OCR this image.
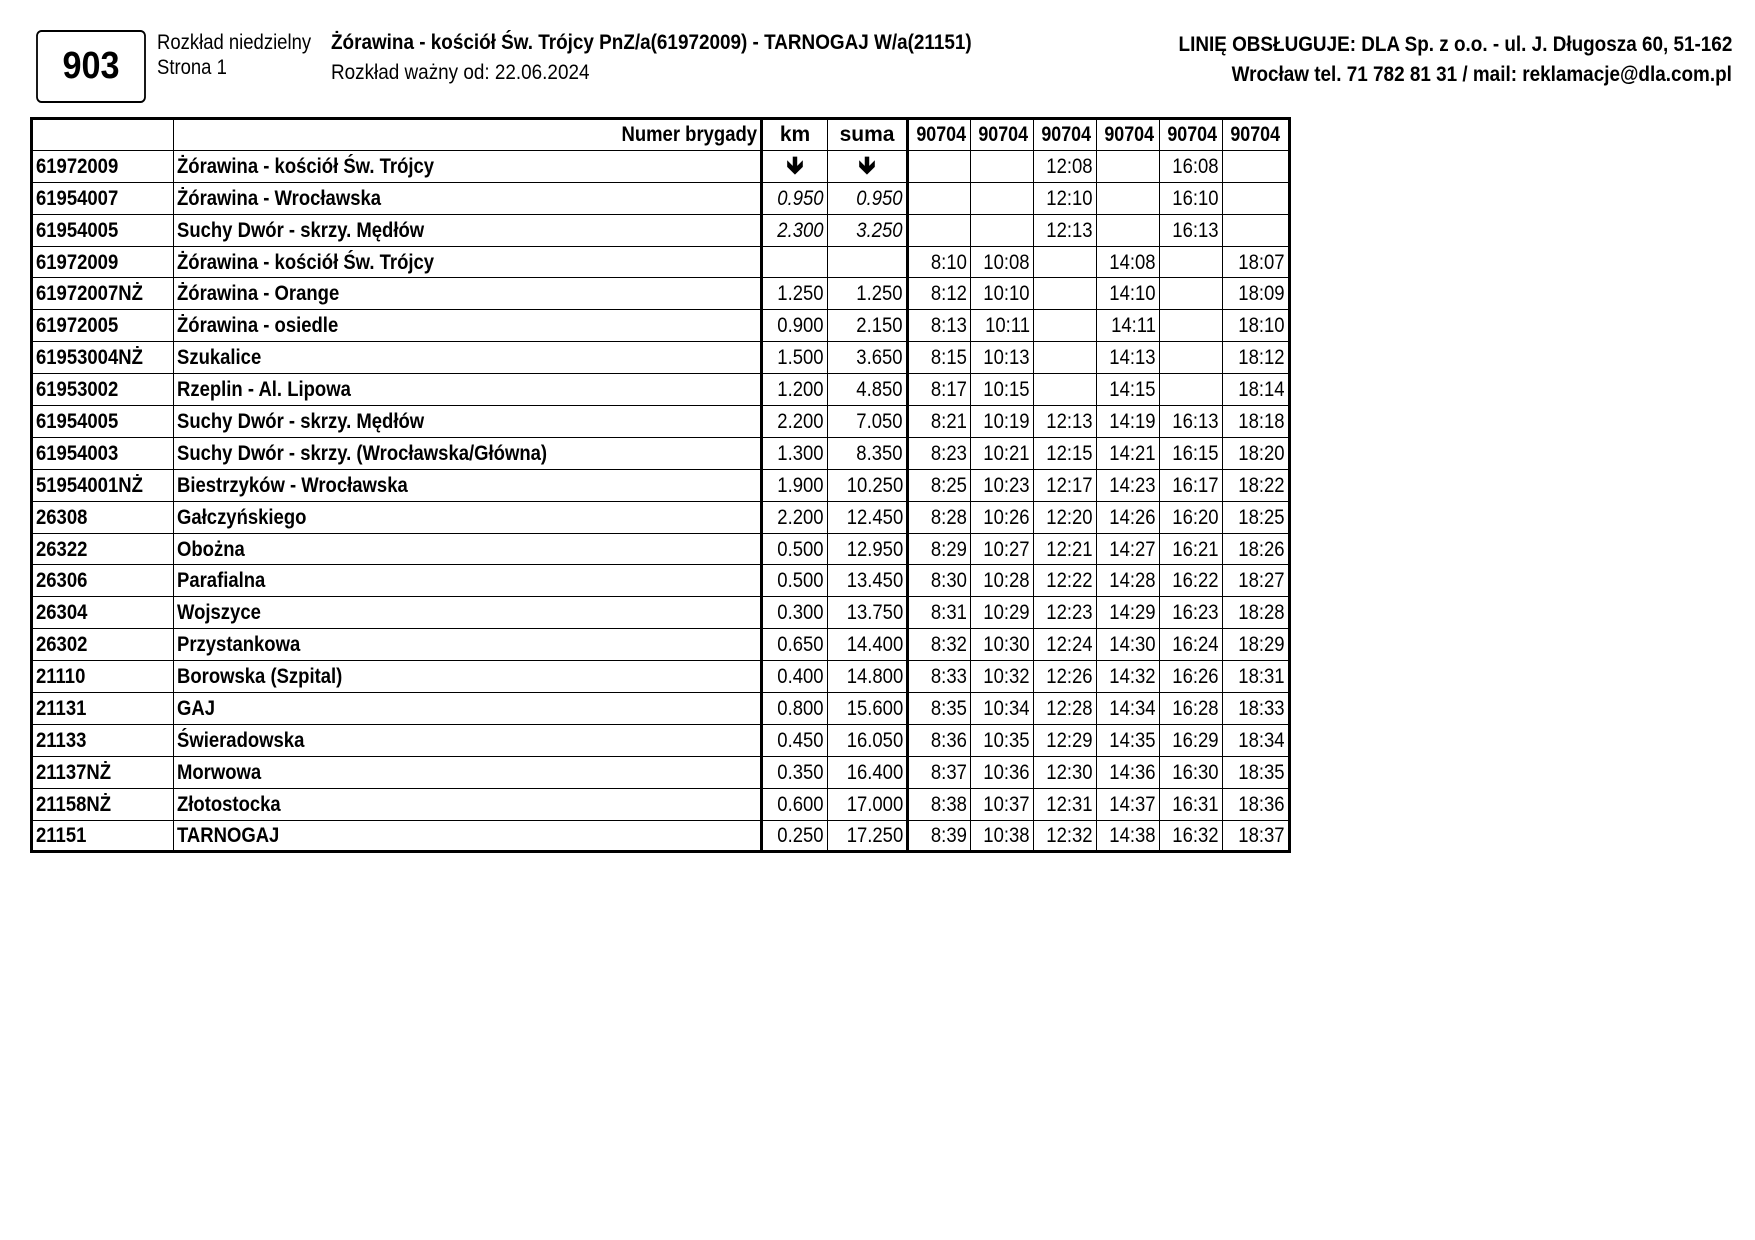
903
Rozkład niedzielny
Strona 1
Żórawina - kościół Św. Trójcy PnZ/a(61972009) - TARNOGAJ W/a(21151)
Rozkład ważny od: 22.06.2024
LINIĘ OBSŁUGUJE: DLA Sp. z o.o. - ul. J. Długosza 60, 51-162
Wrocław tel. 71 782 81 31 / mail: reklamacje@dla.com.pl
	Numer brygady	km	suma	90704	90704	90704	90704	90704	90704
61972009	Żórawina - kościół Św. Trójcy	🡻	🡻			12:08		16:08	
61954007	Żórawina - Wrocławska	0.950	0.950			12:10		16:10	
61954005	Suchy Dwór - skrzy. Mędłów	2.300	3.250			12:13		16:13	
61972009	Żórawina - kościół Św. Trójcy			8:10	10:08		14:08		18:07
61972007NŻ	Żórawina - Orange	1.250	1.250	8:12	10:10		14:10		18:09
61972005	Żórawina - osiedle	0.900	2.150	8:13	10:11		14:11		18:10
61953004NŻ	Szukalice	1.500	3.650	8:15	10:13		14:13		18:12
61953002	Rzeplin - Al. Lipowa	1.200	4.850	8:17	10:15		14:15		18:14
61954005	Suchy Dwór - skrzy. Mędłów	2.200	7.050	8:21	10:19	12:13	14:19	16:13	18:18
61954003	Suchy Dwór - skrzy. (Wrocławska/Główna)	1.300	8.350	8:23	10:21	12:15	14:21	16:15	18:20
51954001NŻ	Biestrzyków - Wrocławska	1.900	10.250	8:25	10:23	12:17	14:23	16:17	18:22
26308	Gałczyńskiego	2.200	12.450	8:28	10:26	12:20	14:26	16:20	18:25
26322	Obożna	0.500	12.950	8:29	10:27	12:21	14:27	16:21	18:26
26306	Parafialna	0.500	13.450	8:30	10:28	12:22	14:28	16:22	18:27
26304	Wojszyce	0.300	13.750	8:31	10:29	12:23	14:29	16:23	18:28
26302	Przystankowa	0.650	14.400	8:32	10:30	12:24	14:30	16:24	18:29
21110	Borowska (Szpital)	0.400	14.800	8:33	10:32	12:26	14:32	16:26	18:31
21131	GAJ	0.800	15.600	8:35	10:34	12:28	14:34	16:28	18:33
21133	Świeradowska	0.450	16.050	8:36	10:35	12:29	14:35	16:29	18:34
21137NŻ	Morwowa	0.350	16.400	8:37	10:36	12:30	14:36	16:30	18:35
21158NŻ	Złotostocka	0.600	17.000	8:38	10:37	12:31	14:37	16:31	18:36
21151	TARNOGAJ	0.250	17.250	8:39	10:38	12:32	14:38	16:32	18:37
